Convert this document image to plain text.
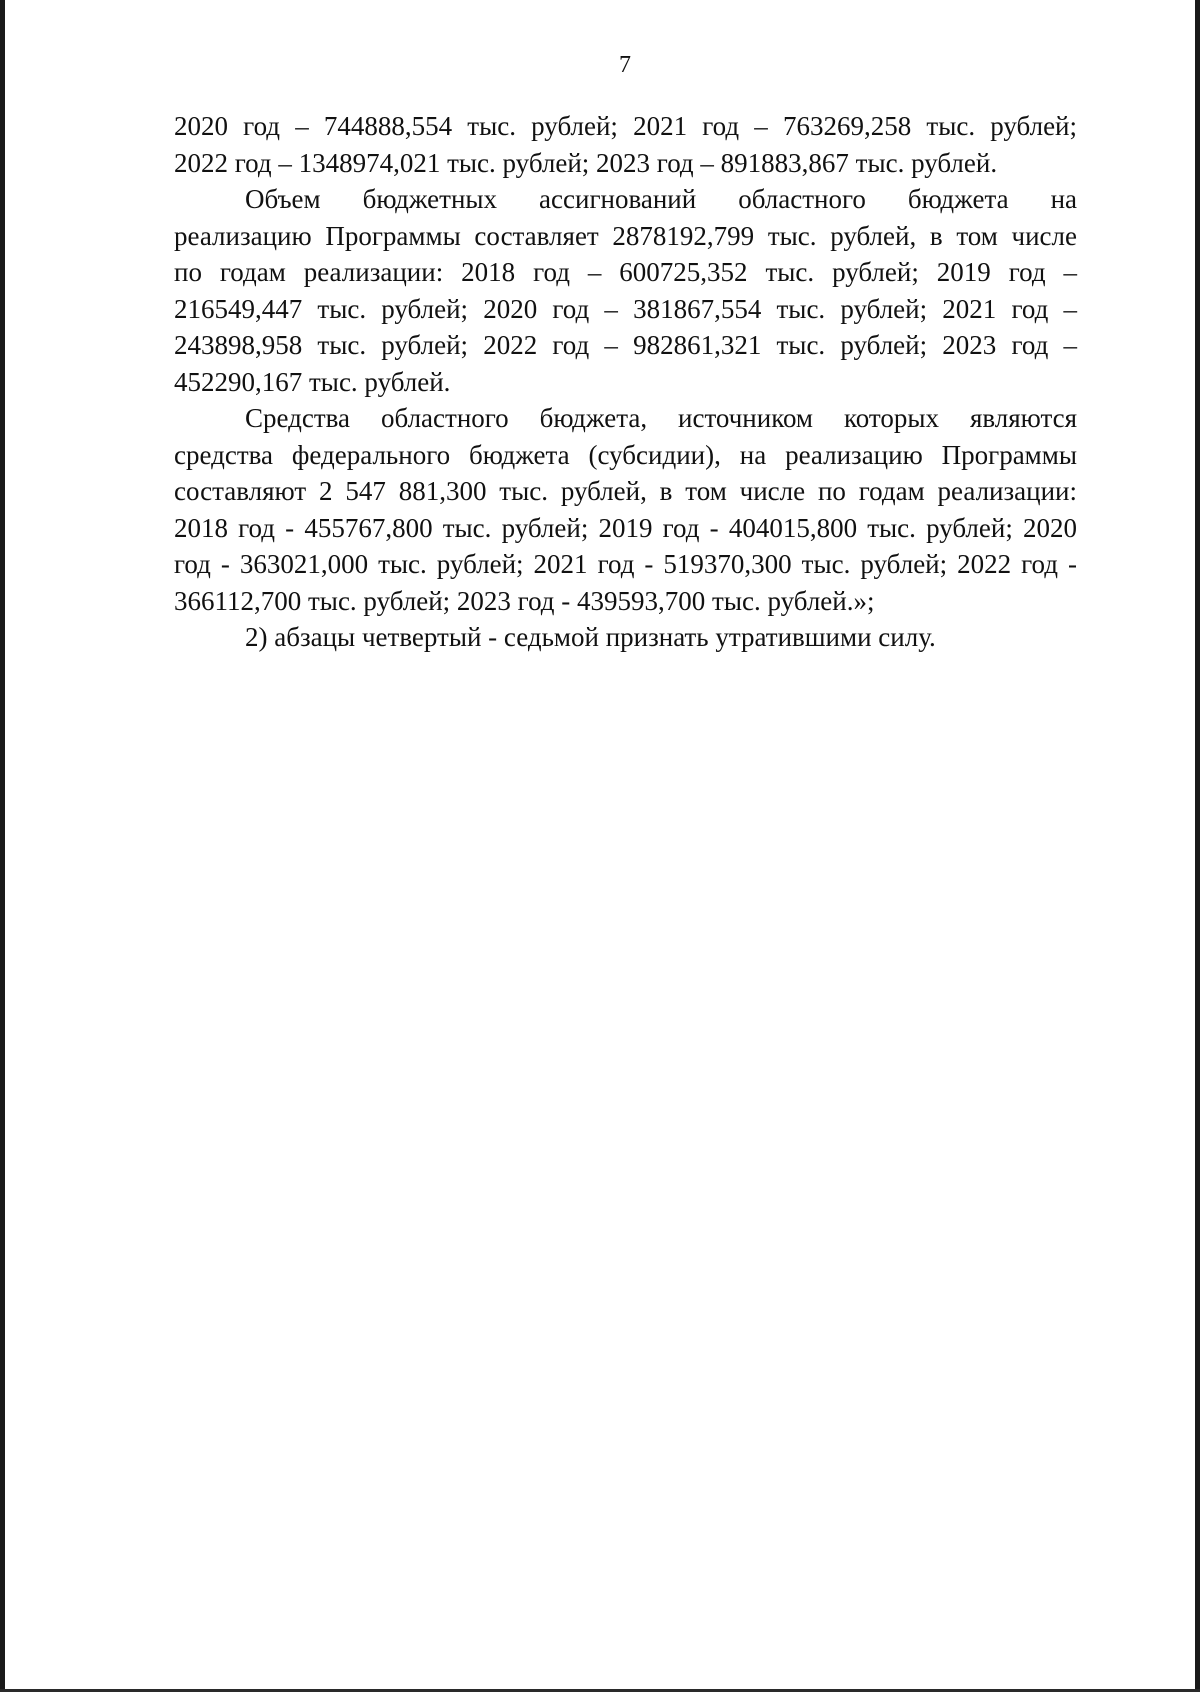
7
2020 год – 744888,554 тыс. рублей; 2021 год – 763269,258 тыс. рублей;
2022 год – 1348974,021 тыс. рублей; 2023 год – 891883,867 тыс. рублей.
Объем бюджетных ассигнований областного бюджета на
реализацию Программы составляет 2878192,799 тыс. рублей, в том числе
по годам реализации: 2018 год – 600725,352 тыс. рублей; 2019 год –
216549,447 тыс. рублей; 2020 год – 381867,554 тыс. рублей; 2021 год –
243898,958 тыс. рублей; 2022 год – 982861,321 тыс. рублей; 2023 год –
452290,167 тыс. рублей.
Средства областного бюджета, источником которых являются
средства федерального бюджета (субсидии), на реализацию Программы
составляют 2 547 881,300 тыс. рублей, в том числе по годам реализации:
2018 год - 455767,800 тыс. рублей; 2019 год - 404015,800 тыс. рублей; 2020
год - 363021,000 тыс. рублей; 2021 год - 519370,300 тыс. рублей; 2022 год -
366112,700 тыс. рублей; 2023 год - 439593,700 тыс. рублей.»;
2) абзацы четвертый - седьмой признать утратившими силу.
